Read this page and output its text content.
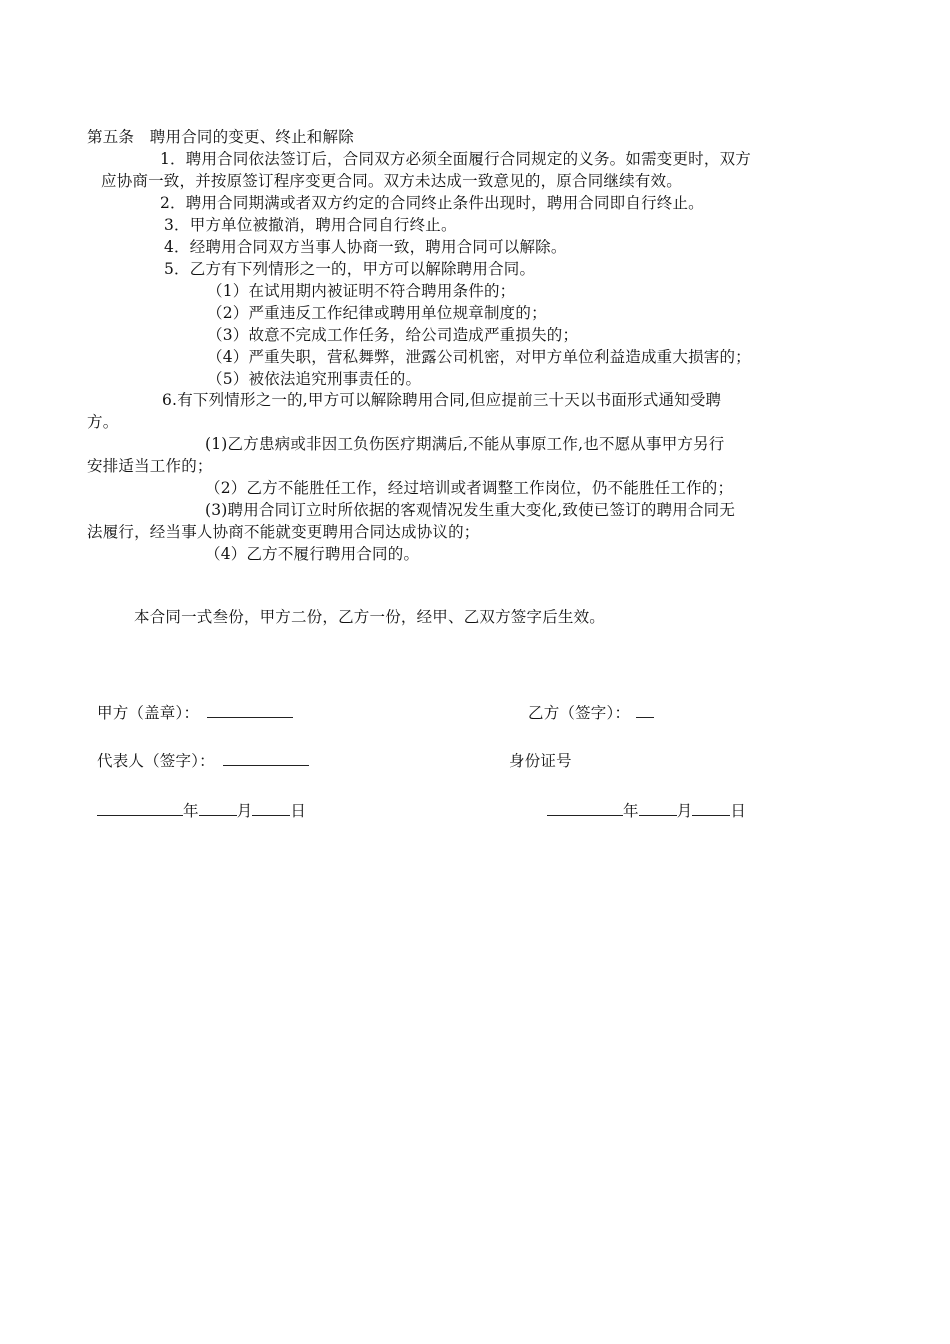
第五条　聘用合同的变更、终止和解除
1．聘用合同依法签订后，合同双方必须全面履行合同规定的义务。如需变更时，双方
应协商一致，并按原签订程序变更合同。双方未达成一致意见的，原合同继续有效。
2．聘用合同期满或者双方约定的合同终止条件出现时，聘用合同即自行终止。
3．甲方单位被撤消，聘用合同自行终止。
4．经聘用合同双方当事人协商一致，聘用合同可以解除。
5．乙方有下列情形之一的，甲方可以解除聘用合同。
（1）在试用期内被证明不符合聘用条件的；
（2）严重违反工作纪律或聘用单位规章制度的；
（3）故意不完成工作任务，给公司造成严重损失的；
（4）严重失职，营私舞弊，泄露公司机密，对甲方单位利益造成重大损害的；
（5）被依法追究刑事责任的。
6.有下列情形之一的,甲方可以解除聘用合同,但应提前三十天以书面形式通知受聘
方。
(1)乙方患病或非因工负伤医疗期满后,不能从事原工作,也不愿从事甲方另行
安排适当工作的；
（2）乙方不能胜任工作，经过培训或者调整工作岗位，仍不能胜任工作的；
(3)聘用合同订立时所依据的客观情况发生重大变化,致使已签订的聘用合同无
法履行，经当事人协商不能就变更聘用合同达成协议的；
（4）乙方不履行聘用合同的。
本合同一式叁份，甲方二份，乙方一份，经甲、乙双方签字后生效。
甲方（盖章）：	乙方（签字）：
代表人（签字）：	身份证号
年 月 日	年 月 日
